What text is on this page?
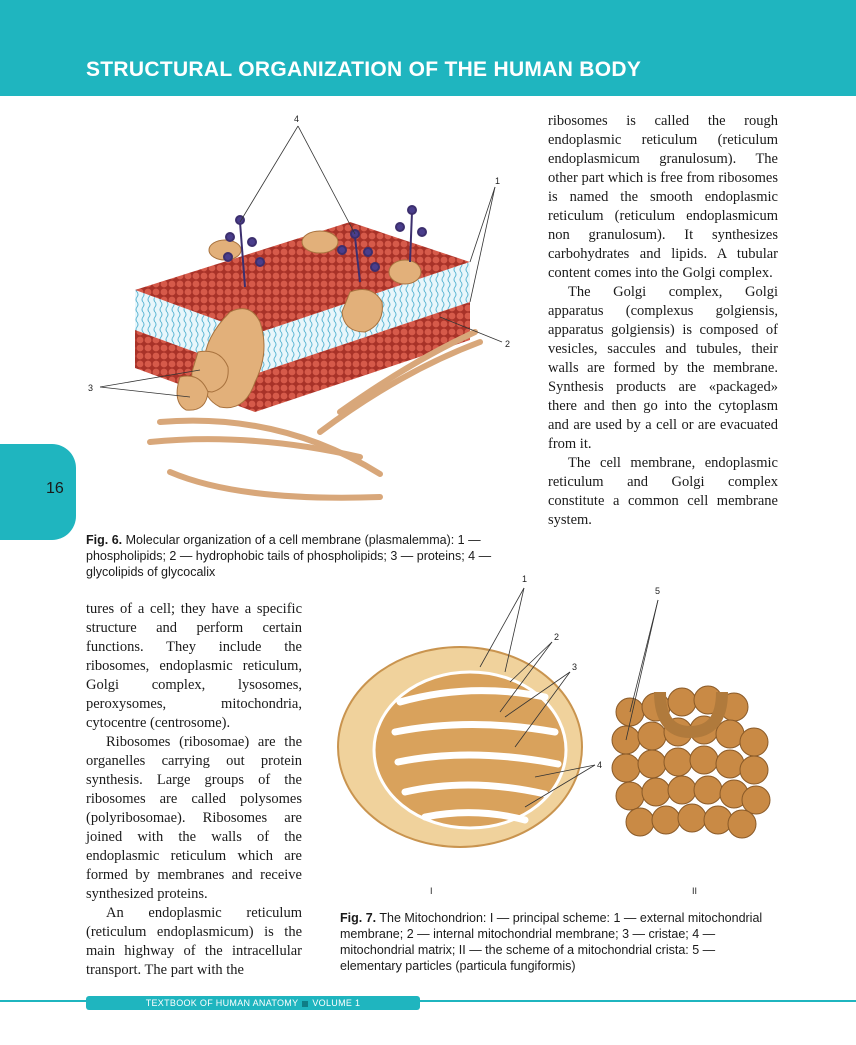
STRUCTURAL ORGANIZATION OF THE HUMAN BODY
16
4
1
2
3

Fig. 6. Molecular organization of a cell membrane (plasmalemma): 1 — phospholipids; 2 — hydrophobic tails of phospholipids; 3 — proteins; 4 — glycolipids of glycocalix

ribosomes is called the rough endoplasmic reticulum (reticulum endoplasmicum granulosum). The other part which is free from ribosomes is named the smooth endoplasmic reticulum (reticulum endoplasmicum non granulosum). It synthesizes carbohydrates and lipids. A tubular content comes into the Golgi complex.

The Golgi complex, Golgi apparatus (complexus golgiensis, apparatus golgiensis) is composed of vesicles, saccules and tubules, their walls are formed by the membrane. Synthesis products are «packaged» there and then go into the cytoplasm and are used by a cell or are evacuated from it.

The cell membrane, endoplasmic reticulum and Golgi complex constitute a common cell membrane system.

tures of a cell; they have a specific structure and perform certain functions. They include the ribosomes, endoplasmic reticulum, Golgi complex, lysosomes, peroxysomes, mitochondria, cytocentre (centrosome).

Ribosomes (ribosomae) are the organelles carrying out protein synthesis. Large groups of the ribosomes are called polysomes (polyribosomae). Ribosomes are joined with the walls of the endoplasmic reticulum which are formed by membranes and receive synthesized proteins.

An endoplasmic reticulum (reticulum endoplasmicum) is the main highway of the intracellular transport. The part with the

1
2
3
4
5
I	II

Fig. 7. The Mitochondrion: I — principal scheme: 1 — external mitochondrial membrane; 2 — internal mitochondrial membrane; 3 — cristae; 4 — mitochondrial matrix; II — the scheme of a mitochondrial crista: 5 — elementary particles (particula fungiformis)

TEXTBOOK OF HUMAN ANATOMY VOLUME 1
